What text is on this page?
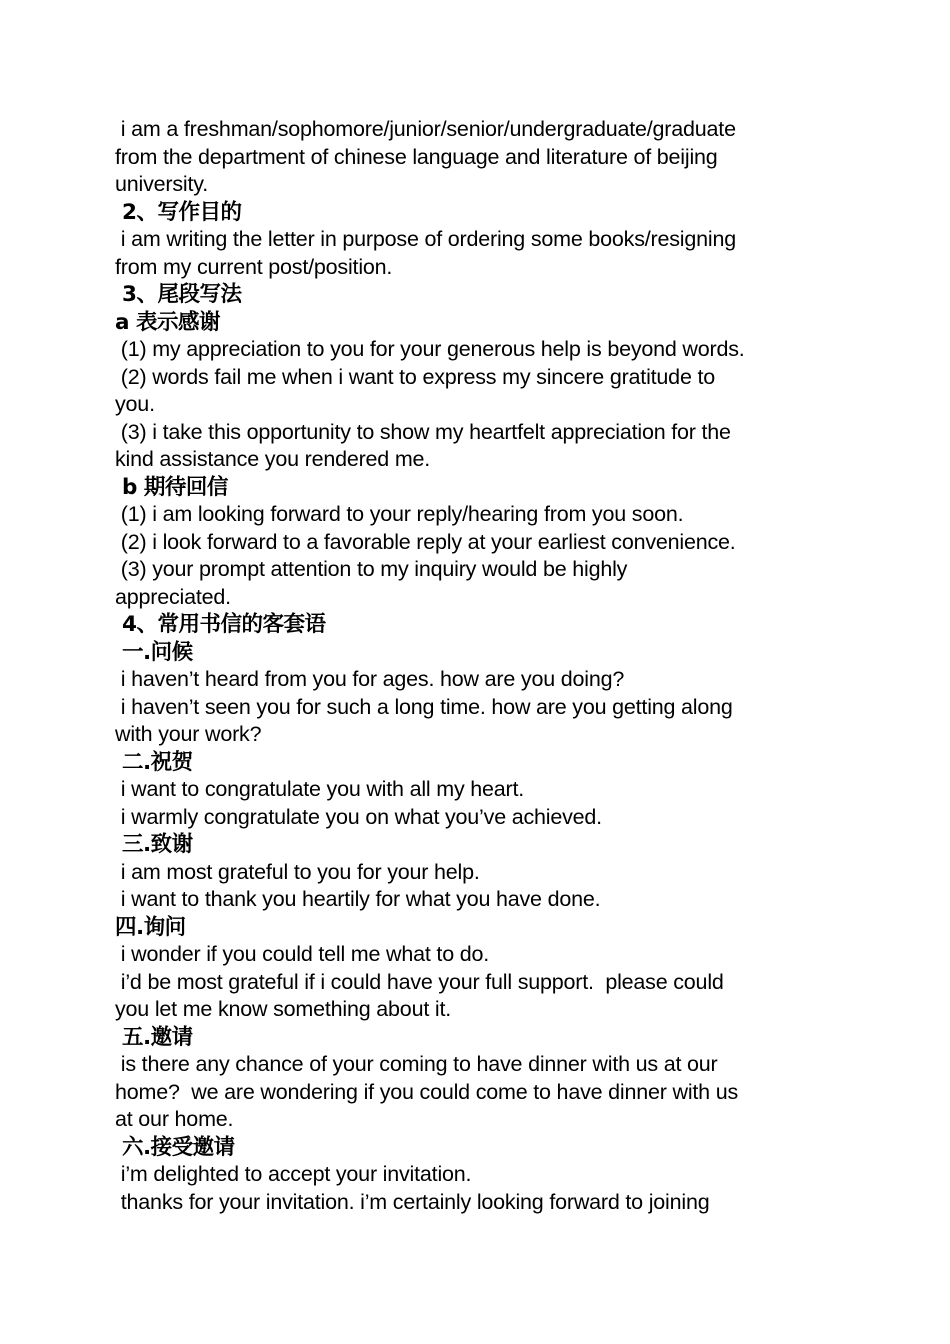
i am a freshman/sophomore/junior/senior/undergraduate/graduate

from the department of chinese language and literature of beijing

university.

2、写作目的

i am writing the letter in purpose of ordering some books/resigning

from my current post/position.

3、尾段写法

a 表示感谢

(1) my appreciation to you for your generous help is beyond words.

(2) words fail me when i want to express my sincere gratitude to

you.

(3) i take this opportunity to show my heartfelt appreciation for the

kind assistance you rendered me.

b 期待回信

(1) i am looking forward to your reply/hearing from you soon.

(2) i look forward to a favorable reply at your earliest convenience.

(3) your prompt attention to my inquiry would be highly

appreciated.

4、常用书信的客套语

一.问候

i haven’t heard from you for ages. how are you doing?

i haven’t seen you for such a long time. how are you getting along

with your work?

二.祝贺

i want to congratulate you with all my heart.

i warmly congratulate you on what you’ve achieved.

三.致谢

i am most grateful to you for your help.

i want to thank you heartily for what you have done.

四.询问

i wonder if you could tell me what to do.

i’d be most grateful if i could have your full support.  please could

you let me know something about it.

五.邀请

is there any chance of your coming to have dinner with us at our

home?  we are wondering if you could come to have dinner with us

at our home.

六.接受邀请

i’m delighted to accept your invitation.

thanks for your invitation. i’m certainly looking forward to joining
